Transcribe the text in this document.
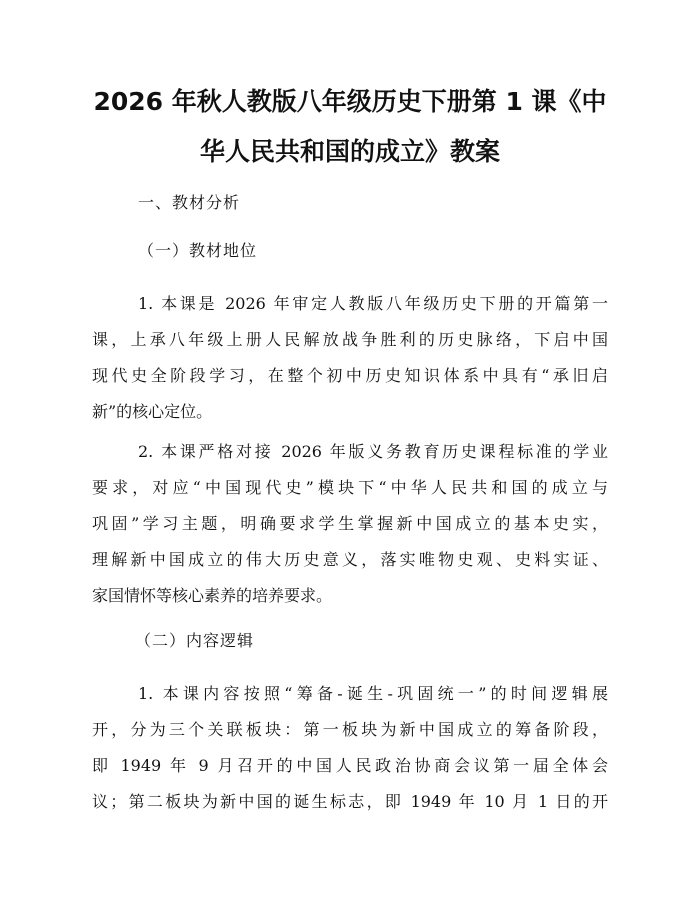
2026 年秋人教版八年级历史下册第 1 课《中
华人民共和国的成立》教案
一、教材分析
（一）教材地位
1. 本课是 2026 年审定人教版八年级历史下册的开篇第一
课，上承八年级上册人民解放战争胜利的历史脉络，下启中国
现代史全阶段学习，在整个初中历史知识体系中具有“承旧启
新”的核心定位。
2. 本课严格对接 2026 年版义务教育历史课程标准的学业
要求，对应“中国现代史”模块下“中华人民共和国的成立与
巩固”学习主题，明确要求学生掌握新中国成立的基本史实，
理解新中国成立的伟大历史意义，落实唯物史观、史料实证、
家国情怀等核心素养的培养要求。
（二）内容逻辑
1. 本课内容按照“筹备-诞生-巩固统一”的时间逻辑展
开，分为三个关联板块：第一板块为新中国成立的筹备阶段，
即 1949 年 9 月召开的中国人民政治协商会议第一届全体会
议；第二板块为新中国的诞生标志，即 1949 年 10 月 1 日的开
